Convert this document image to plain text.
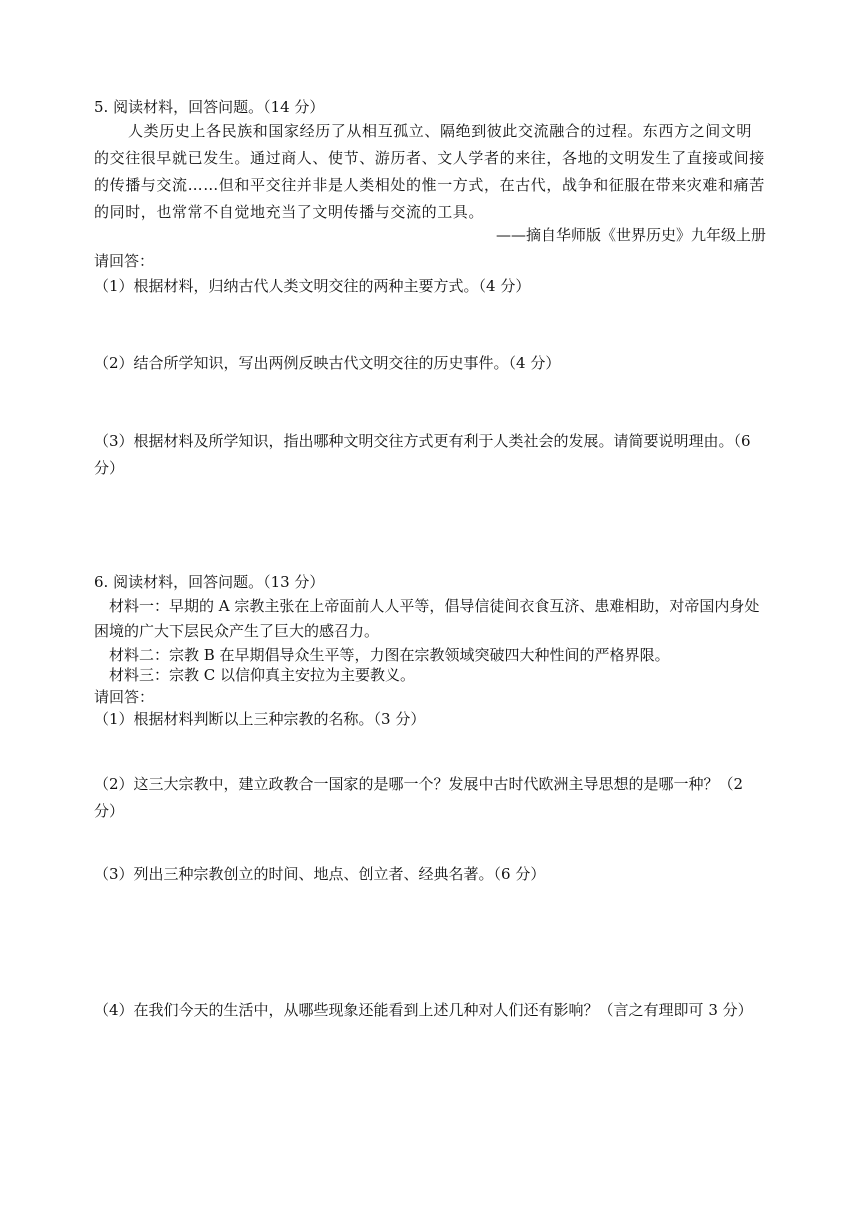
5. 阅读材料，回答问题。（14 分）
人类历史上各民族和国家经历了从相互孤立、隔绝到彼此交流融合的过程。东西方之间文明的交往很早就已发生。通过商人、使节、游历者、文人学者的来往，各地的文明发生了直接或间接的传播与交流……但和平交往并非是人类相处的惟一方式，在古代，战争和征服在带来灾难和痛苦的同时，也常常不自觉地充当了文明传播与交流的工具。
——摘自华师版《世界历史》九年级上册
请回答：
（1）根据材料，归纳古代人类文明交往的两种主要方式。（4 分）
（2）结合所学知识，写出两例反映古代文明交往的历史事件。（4 分）
（3）根据材料及所学知识，指出哪种文明交往方式更有利于人类社会的发展。请简要说明理由。（6 分）
6. 阅读材料，回答问题。（13 分）
材料一：早期的 A 宗教主张在上帝面前人人平等，倡导信徒间衣食互济、患难相助，对帝国内身处困境的广大下层民众产生了巨大的感召力。
材料二：宗教 B 在早期倡导众生平等，力图在宗教领域突破四大种性间的严格界限。
材料三：宗教 C 以信仰真主安拉为主要教义。
请回答：
（1）根据材料判断以上三种宗教的名称。（3 分）
（2）这三大宗教中，建立政教合一国家的是哪一个？发展中古时代欧洲主导思想的是哪一种？（2 分）
（3）列出三种宗教创立的时间、地点、创立者、经典名著。（6 分）
（4）在我们今天的生活中，从哪些现象还能看到上述几种对人们还有影响？（言之有理即可 3 分）
